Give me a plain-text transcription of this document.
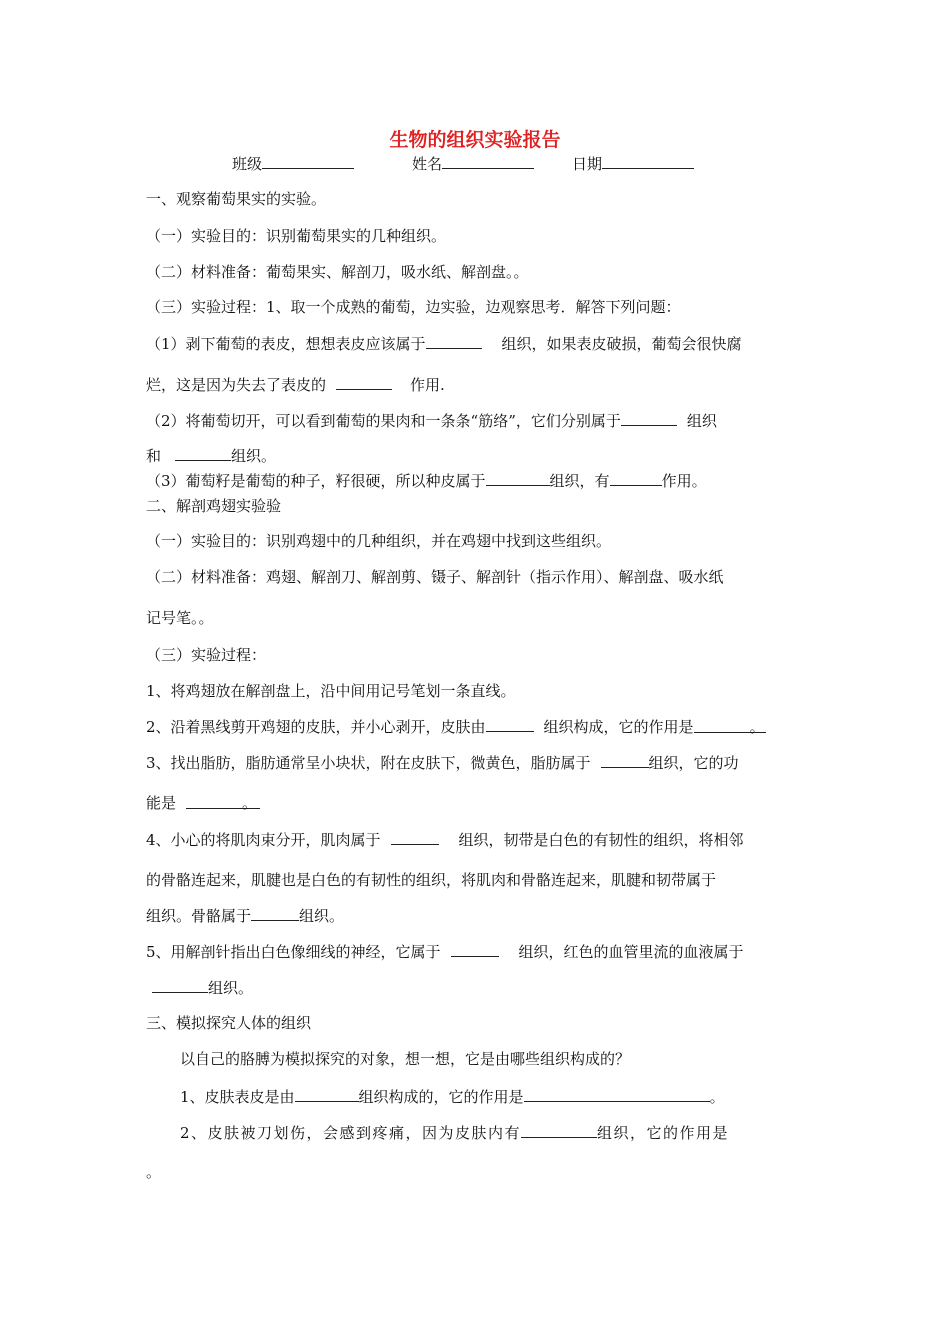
生物的组织实验报告
班级	姓名	日期
一、观察葡萄果实的实验。
（一）实验目的：识别葡萄果实的几种组织。
（二）材料准备：葡萄果实、解剖刀，吸水纸、解剖盘。。
（三）实验过程：1、取一个成熟的葡萄，边实验，边观察思考．解答下列问题：
（1）剥下葡萄的表皮，想想表皮应该属于	组织，如果表皮破损，葡萄会很快腐
烂，这是因为失去了表皮的	作用.
（2）将葡萄切开，可以看到葡萄的果肉和一条条“筋络”，它们分别属于	组织
和	组织。
（3）葡萄籽是葡萄的种子，籽很硬，所以种皮属于	组织，有	作用。
二、解剖鸡翅实验验
（一）实验目的：识别鸡翅中的几种组织，并在鸡翅中找到这些组织。
（二）材料准备：鸡翅、解剖刀、解剖剪、镊子、解剖针（指示作用）、解剖盘、吸水纸
记号笔。。
（三）实验过程：
1、将鸡翅放在解剖盘上，沿中间用记号笔划一条直线。
2、沿着黑线剪开鸡翅的皮肤，并小心剥开，皮肤由	组织构成，它的作用是	。
3、找出脂肪，脂肪通常呈小块状，附在皮肤下，微黄色，脂肪属于	组织，它的功
能是	。
4、小心的将肌肉束分开，肌肉属于	组织，韧带是白色的有韧性的组织，将相邻
的骨骼连起来，肌腱也是白色的有韧性的组织，将肌肉和骨骼连起来，肌腱和韧带属于
组织。骨骼属于	组织。
5、用解剖针指出白色像细线的神经，它属于	组织，红色的血管里流的血液属于
组织。
三、模拟探究人体的组织
以自己的胳膊为模拟探究的对象，想一想，它是由哪些组织构成的？
1、皮肤表皮是由	组织构成的，它的作用是	。
2、皮肤被刀划伤，会感到疼痛，因为皮肤内有	组织，它的作用是
。
